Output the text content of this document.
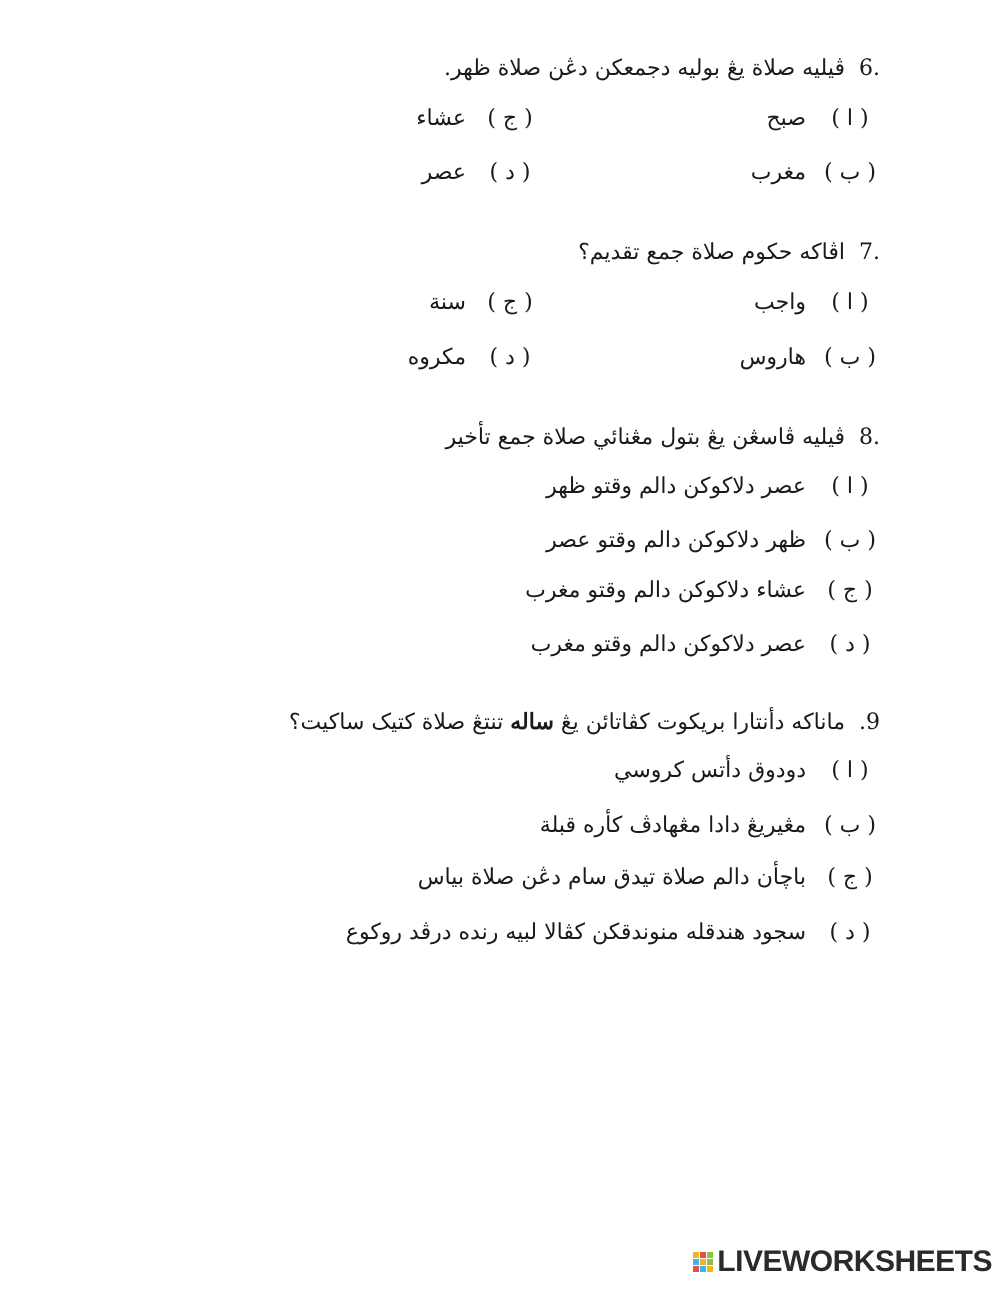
6.ڤيليه صلاة يڠ بوليه دجمعکن دڠن صلاة ظهر.
( ا )صبح
( ج )عشاء
( ب )مغرب
( د )عصر
7.اڤاکه حکوم صلاة جمع تقديم؟
( ا )واجب
( ج )سنة
( ب )هاروس
( د )مکروه
8.ڤيليه ڤاسڠن يڠ بتول مڠنائي صلاة جمع تأخير
( ا )عصر دلاکوکن دالم وقتو ظهر
( ب )ظهر دلاکوکن دالم وقتو عصر
( ج )عشاء دلاکوکن دالم وقتو مغرب
( د )عصر دلاکوکن دالم وقتو مغرب
.9ماناکه دأنتارا بريکوت کڤاتائن يڠ ساله تنتڠ صلاة کتيک ساکيت؟
( ا )دودوق دأتس کروسي
( ب )مڠيريڠ دادا مڠهادڤ کأره قبلة
( ج )باچأن دالم صلاة تيدق سام دڠن صلاة بياس
( د )سجود هندقله منوندقکن کڤالا لبيه رنده درڤد روکوع
LIVEWORKSHEETS
